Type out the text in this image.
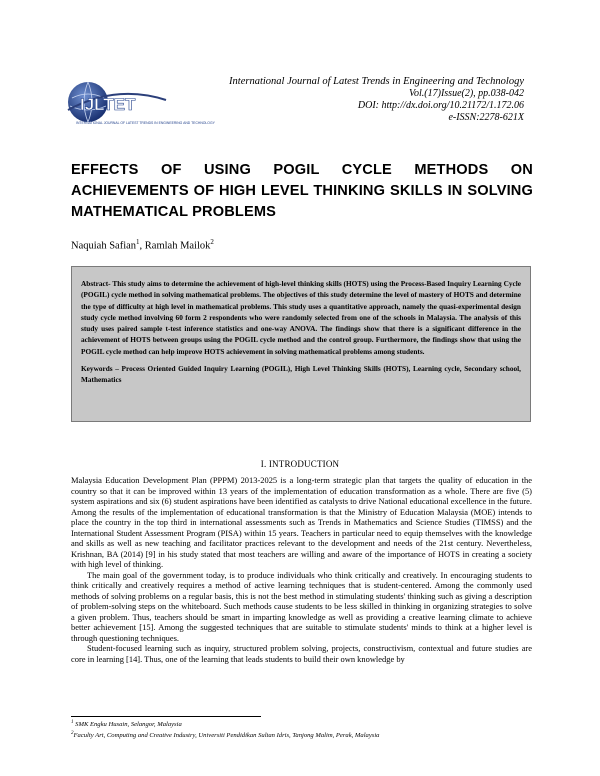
IJLTET
INTERNATIONAL JOURNAL OF LATEST TRENDS IN ENGINEERING AND TECHNOLOGY
International Journal of Latest Trends in Engineering and Technology
Vol.(17)Issue(2), pp.038-042
DOI: http://dx.doi.org/10.21172/1.172.06
e-ISSN:2278-621X
EFFECTS OF USING POGIL CYCLE METHODS ON ACHIEVEMENTS OF HIGH LEVEL THINKING SKILLS IN SOLVING MATHEMATICAL PROBLEMS
Naquiah Safian$^1$, Ramlah Mailok$^2$

Abstract- This study aims to determine the achievement of high-level thinking skills (HOTS) using the Process-Based Inquiry Learning Cycle (POGIL) cycle method in solving mathematical problems. The objectives of this study determine the level of mastery of HOTS and determine the type of difficulty at high level in mathematical problems. This study uses a quantitative approach, namely the quasi-experimental design study cycle method involving 60 form 2 respondents who were randomly selected from one of the schools in Malaysia. The analysis of this study uses paired sample t-test inference statistics and one-way ANOVA. The findings show that there is a significant difference in the achievement of HOTS between groups using the POGIL cycle method and the control group. Furthermore, the findings show that using the POGIL cycle method can help improve HOTS achievement in solving mathematical problems among students.

Keywords – Process Oriented Guided Inquiry Learning (POGIL), High Level Thinking Skills (HOTS), Learning cycle, Secondary school, Mathematics

I. INTRODUCTION

Malaysia Education Development Plan (PPPM) 2013-2025 is a long-term strategic plan that targets the quality of education in the country so that it can be improved within 13 years of the implementation of education transformation as a whole. There are five (5) system aspirations and six (6) student aspirations have been identified as catalysts to drive National educational excellence in the future. Among the results of the implementation of educational transformation is that the Ministry of Education Malaysia (MOE) intends to place the country in the top third in international assessments such as Trends in Mathematics and Science Studies (TIMSS) and the International Student Assessment Program (PISA) within 15 years. Teachers in particular need to equip themselves with the knowledge and skills as well as new teaching and facilitator practices relevant to the development and needs of the 21st century. Nevertheless, Krishnan, BA (2014) [9] in his study stated that most teachers are willing and aware of the importance of HOTS in creating a society with high level of thinking.

The main goal of the government today, is to produce individuals who think critically and creatively. In encouraging students to think critically and creatively requires a method of active learning techniques that is student-centered. Among the commonly used methods of solving problems on a regular basis, this is not the best method in stimulating students' thinking such as giving a description of problem-solving steps on the whiteboard. Such methods cause students to be less skilled in thinking in organizing strategies to solve a given problem. Thus, teachers should be smart in imparting knowledge as well as providing a creative learning climate to achieve better achievement [15]. Among the suggested techniques that are suitable to stimulate students' minds to think at a higher level is through questioning techniques.

Student-focused learning such as inquiry, structured problem solving, projects, constructivism, contextual and future studies are core in learning [14]. Thus, one of the learning that leads students to build their own knowledge by

$^1$ SMK Engku Husain, Selangor, Malaysia
$^2$Faculty Art, Computing and Creative Industry, Universiti Pendidikan Sultan Idris, Tanjong Malim, Perak, Malaysia
